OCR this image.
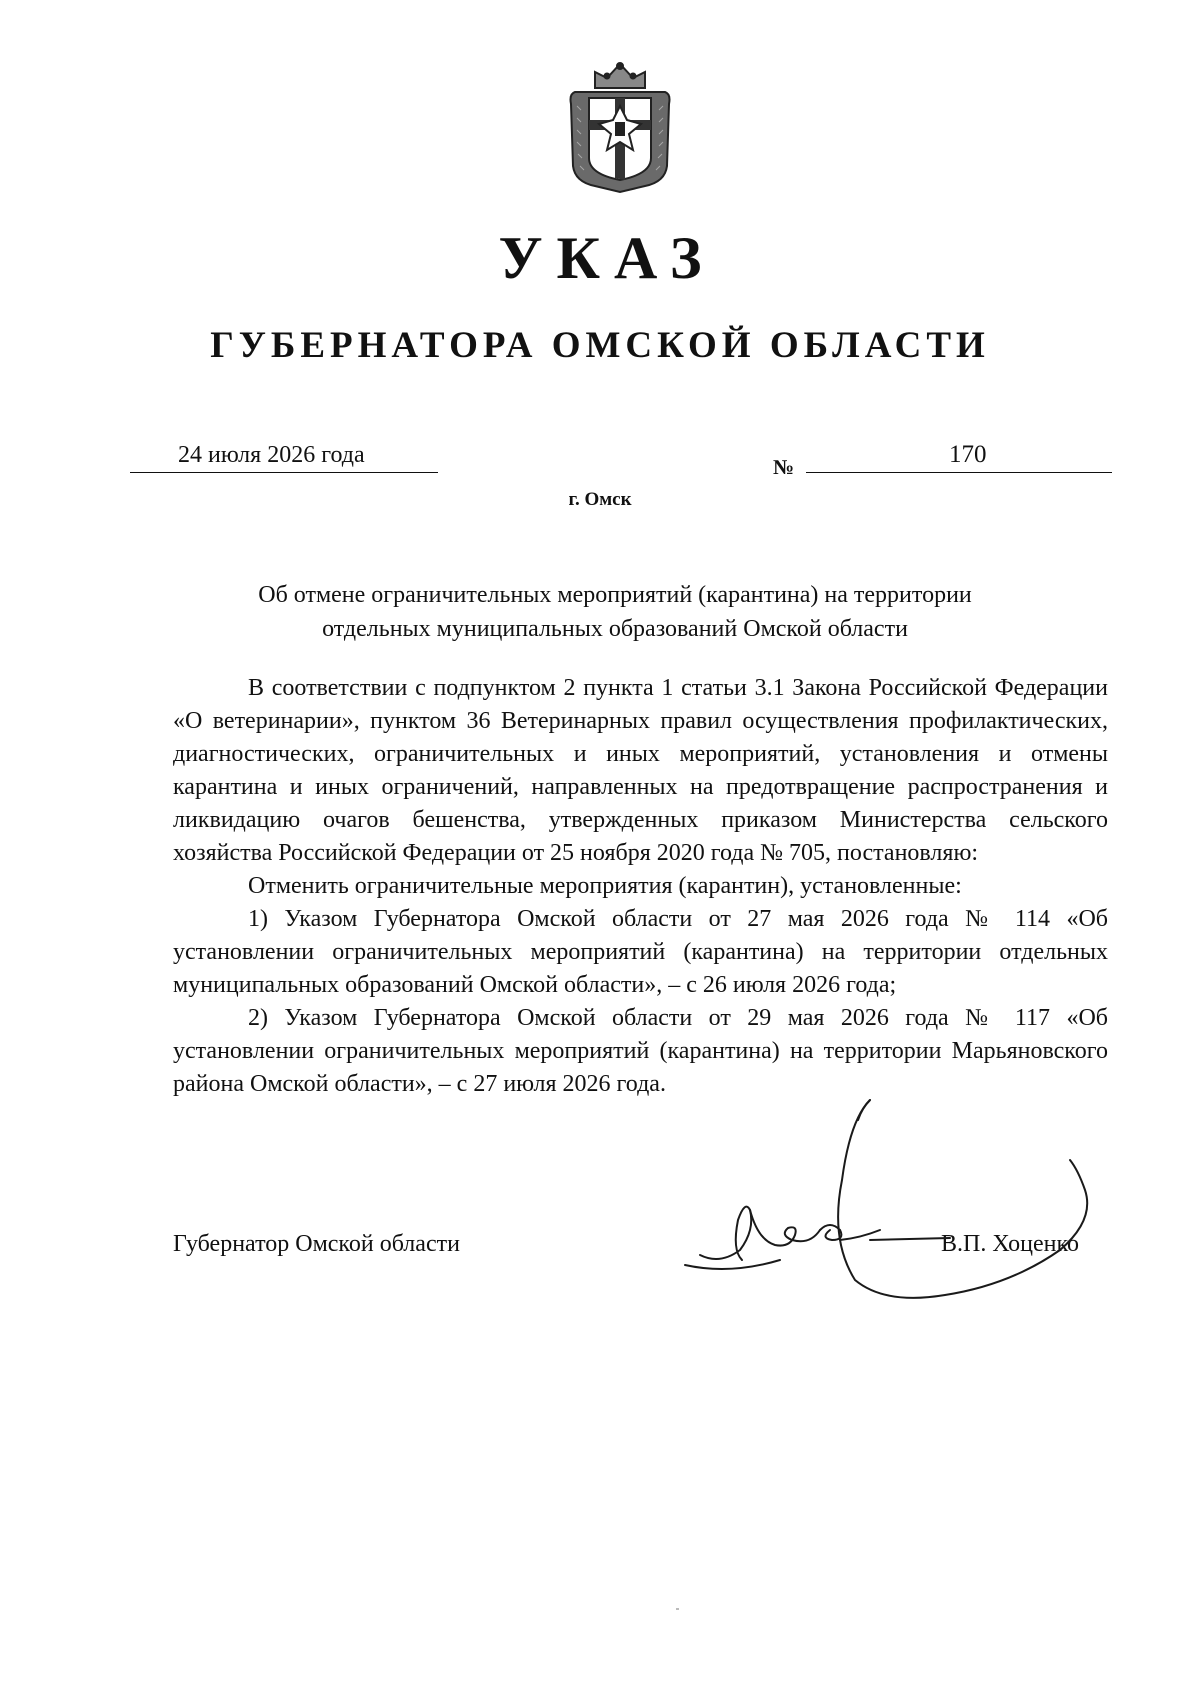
УКАЗ
ГУБЕРНАТОРА ОМСКОЙ ОБЛАСТИ
24 июля 2026 года	№	170
г. Омск
Об отмене ограничительных мероприятий (карантина) на территории
отдельных муниципальных образований Омской области

В соответствии с подпунктом 2 пункта 1 статьи 3.1 Закона Российской Федерации «О ветеринарии», пунктом 36 Ветеринарных правил осуществления профилактических, диагностических, ограничительных и иных мероприятий, установления и отмены карантина и иных ограничений, направленных на предотвращение распространения и ликвидацию очагов бешенства, утвержденных приказом Министерства сельского хозяйства Российской Федерации от 25 ноября 2020 года № 705, постановляю:

Отменить ограничительные мероприятия (карантин), установленные:

1) Указом Губернатора Омской области от 27 мая 2026 года № 114 «Об установлении ограничительных мероприятий (карантина) на территории отдельных муниципальных образований Омской области», – с 26 июля 2026 года;

2) Указом Губернатора Омской области от 29 мая 2026 года № 117 «Об установлении ограничительных мероприятий (карантина) на территории Марьяновского района Омской области», – с 27 июля 2026 года.

Губернатор Омской области	В.П. Хоценко
